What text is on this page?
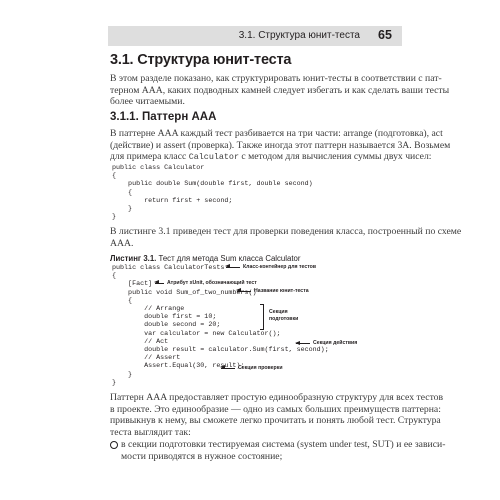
3.1. Структура юнит-теста 65
3.1. Структура юнит-теста
В этом разделе показано, как структурировать юнит-тесты в соответствии с пат-
терном AAA, каких подводных камней следует избегать и как сделать ваши тесты
более читаемыми.
3.1.1. Паттерн AAA
В паттерне AAA каждый тест разбивается на три части: arrange (подготовка), act
(действие) и assert (проверка). Также иногда этот паттерн называется 3A. Возьмем
для примера класс Calculator с методом для вычисления суммы двух чисел:
public class Calculator
{
public double Sum(double first, double second)
{
return first + second;
}
}
В листинге 3.1 приведен тест для проверки поведения класса, построенный по схеме
AAA.
Листинг 3.1. Тест для метода Sum класса Calculator
public class CalculatorTests
{
[Fact]
public void Sum_of_two_numbers()
{
// Arrange
double first = 10;
double second = 20;
var calculator = new Calculator();
// Act
double result = calculator.Sum(first, second);
// Assert
Assert.Equal(30, result);
}
}
Класс-контейнер для тестов
Атрибут xUnit, обозначающий тест
Название юнит-теста
Секция
подготовки
Секция действия
Секция проверки
Паттерн AAA предоставляет простую единообразную структуру для всех тестов
в проекте. Это единообразие — одно из самых больших преимуществ паттерна:
привыкнув к нему, вы сможете легко прочитать и понять любой тест. Структура
теста выглядит так:
в секции подготовки тестируемая система (system under test, SUT) и ее зависи-
мости приводятся в нужное состояние;
